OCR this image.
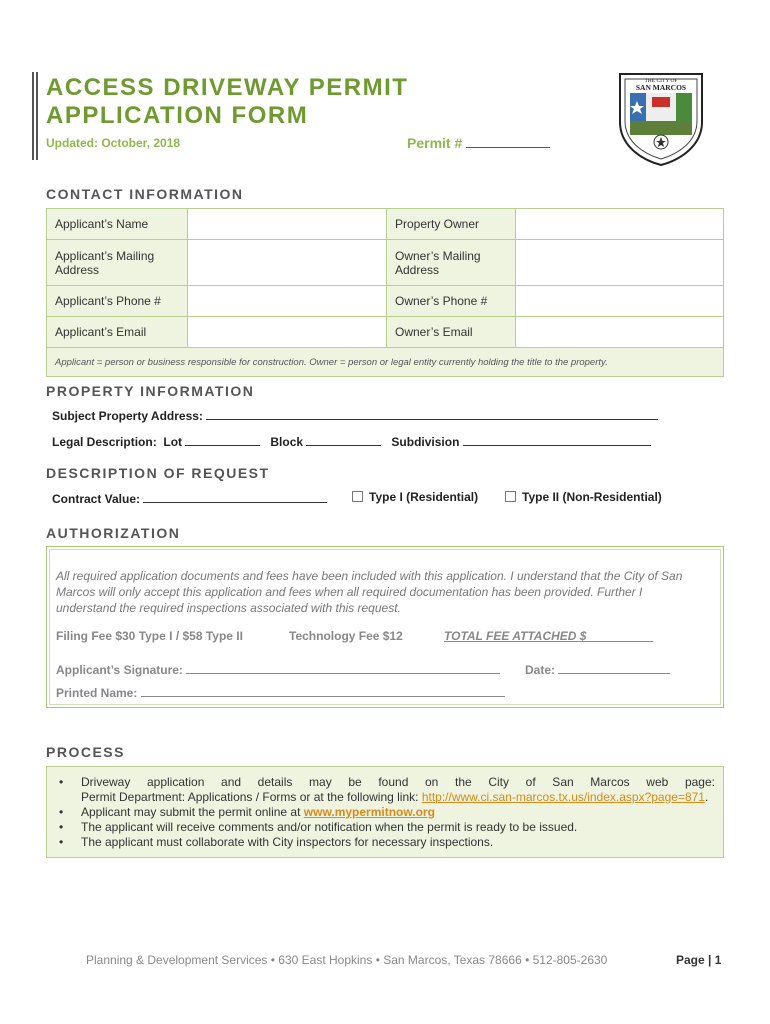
ACCESS DRIVEWAY PERMIT
APPLICATION FORM
Updated: October, 2018	Permit #
THE CITY OF
SAN MARCOS
CONTACT INFORMATION
Applicant’s Name		Property Owner	
Applicant’s Mailing Address		Owner’s Mailing Address	
Applicant’s Phone #		Owner’s Phone #	
Applicant’s Email		Owner’s Email	
Applicant = person or business responsible for construction. Owner = person or legal entity currently holding the title to the property.			
PROPERTY INFORMATION
Subject Property Address:
Legal Description: Lot	Block	Subdivision
DESCRIPTION OF REQUEST
Contract Value:	Type I (Residential)	Type II (Non-Residential)
AUTHORIZATION
All required application documents and fees have been included with this application. I understand that the City of San Marcos will only accept this application and fees when all required documentation has been provided. Further I understand the required inspections associated with this request.
Filing Fee $30 Type I / $58 Type II	Technology Fee $12	TOTAL FEE ATTACHED $__________
Applicant’s Signature:	Date:
Printed Name:
PROCESS
• Driveway application and details may be found on the City of San Marcos web page:
Permit Department: Applications / Forms or at the following link: http://www.ci.san-marcos.tx.us/index.aspx?page=871.
• Applicant may submit the permit online at www.mypermitnow.org
• The applicant will receive comments and/or notification when the permit is ready to be issued.
• The applicant must collaborate with City inspectors for necessary inspections.
Planning & Development Services • 630 East Hopkins • San Marcos, Texas 78666 • 512-805-2630	Page | 1
